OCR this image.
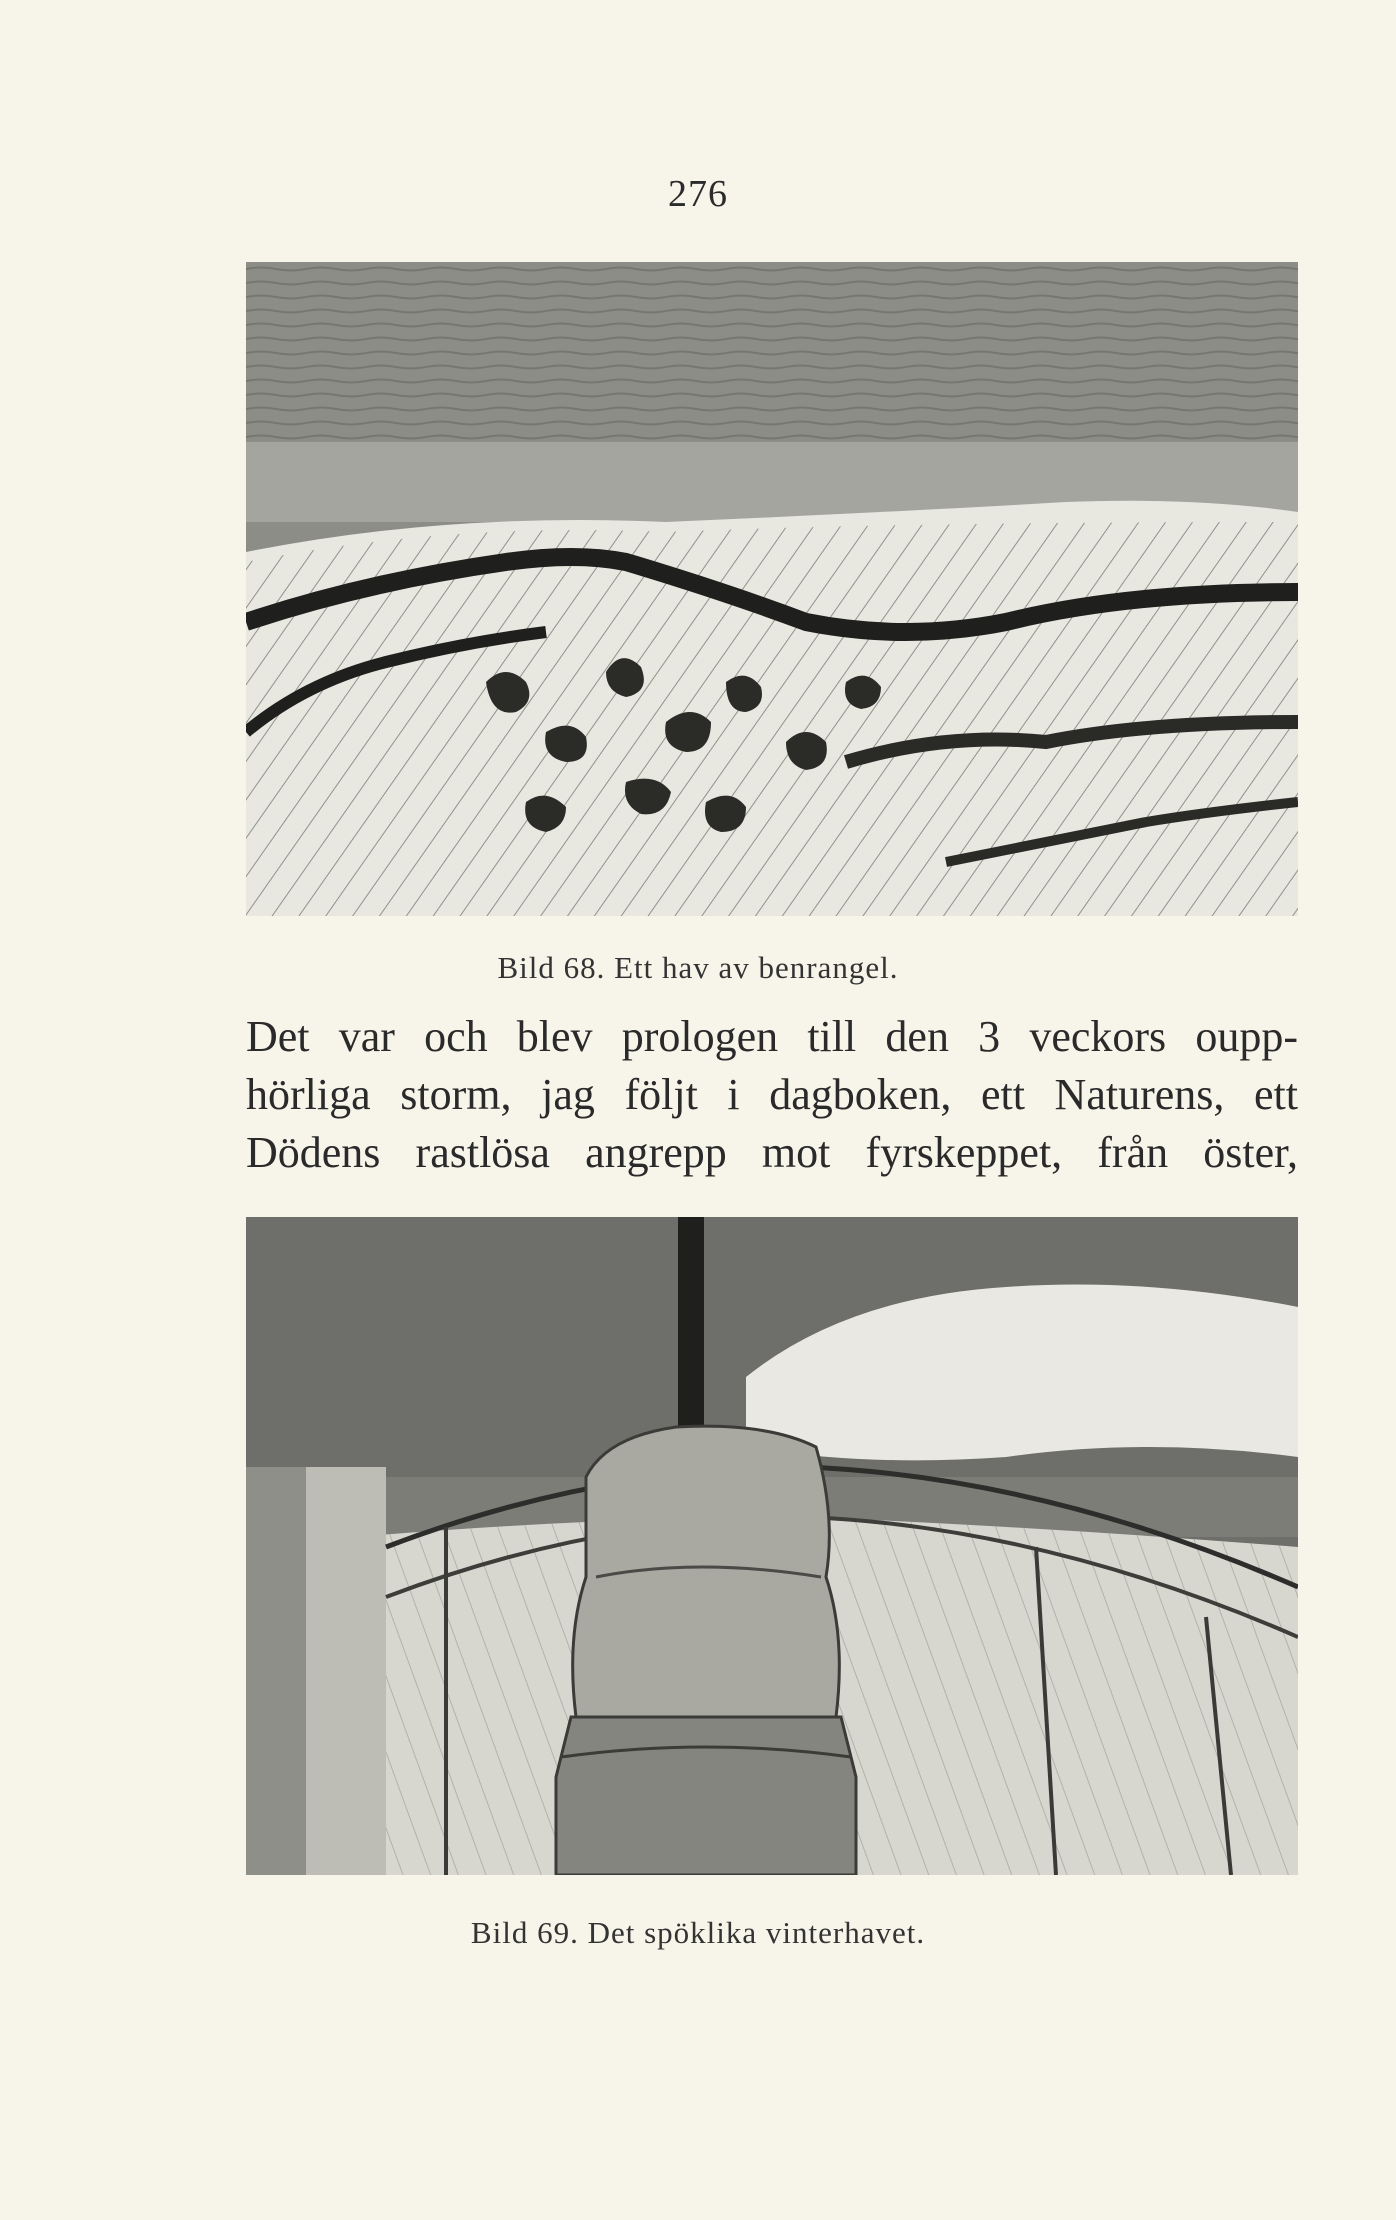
276
Bild 68. Ett hav av benrangel.
Det var och blev prologen till den 3 veckors oupp-
hörliga storm, jag följt i dagboken, ett Naturens, ett
Dödens rastlösa angrepp mot fyrskeppet, från öster,
Bild 69. Det spöklika vinterhavet.
